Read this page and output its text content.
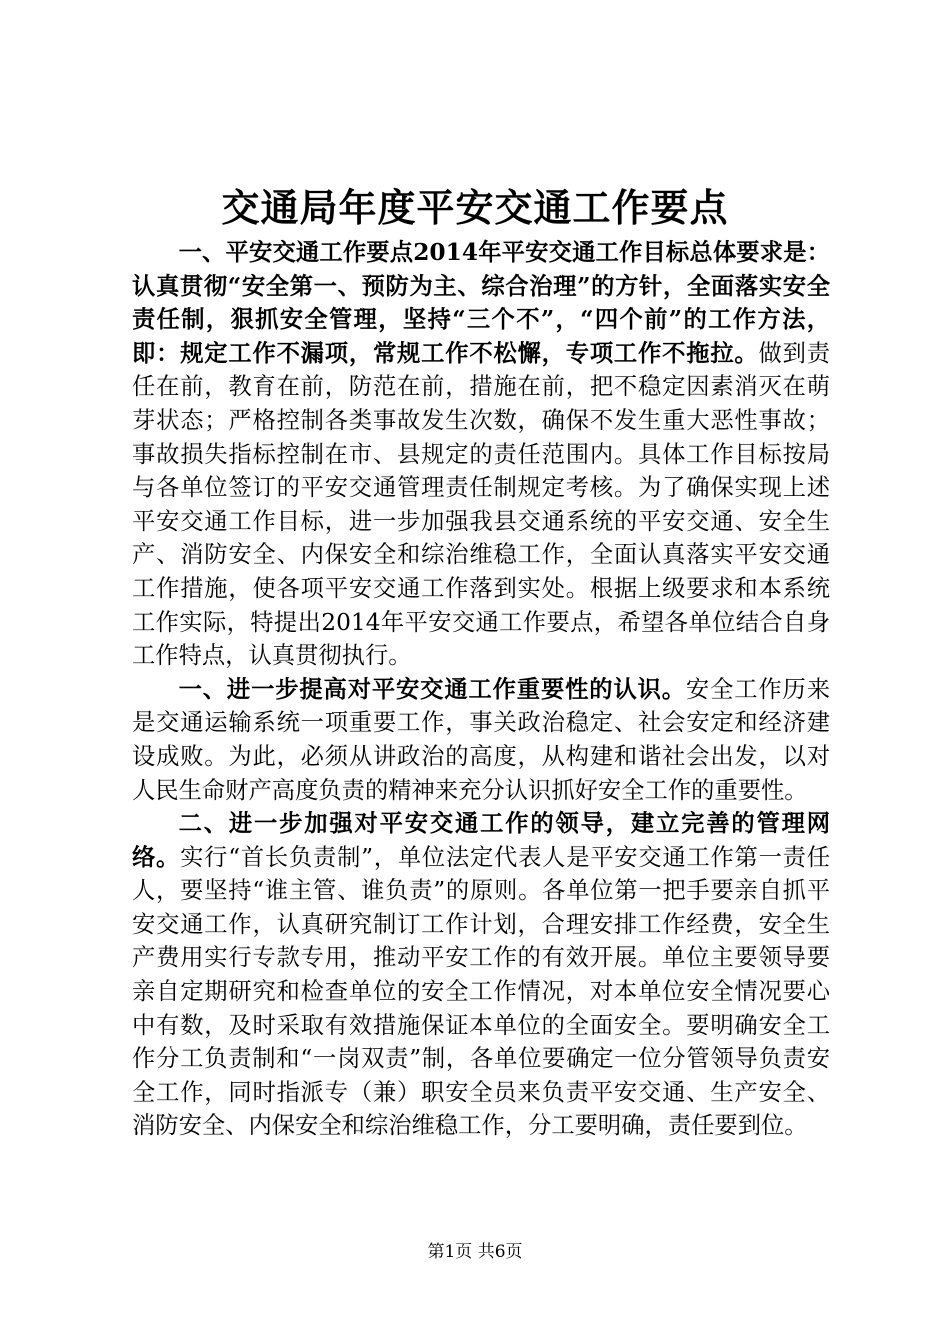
交通局年度平安交通工作要点

一、平安交通工作要点2014年平安交通工作目标总体要求是：认真贯彻“安全第一、预防为主、综合治理”的方针，全面落实安全责任制，狠抓安全管理，坚持“三个不”，“四个前”的工作方法，即：规定工作不漏项，常规工作不松懈，专项工作不拖拉。做到责任在前，教育在前，防范在前，措施在前，把不稳定因素消灭在萌芽状态；严格控制各类事故发生次数，确保不发生重大恶性事故；事故损失指标控制在市、县规定的责任范围内。具体工作目标按局与各单位签订的平安交通管理责任制规定考核。为了确保实现上述平安交通工作目标，进一步加强我县交通系统的平安交通、安全生产、消防安全、内保安全和综治维稳工作，全面认真落实平安交通工作措施，使各项平安交通工作落到实处。根据上级要求和本系统工作实际，特提出2014年平安交通工作要点，希望各单位结合自身工作特点，认真贯彻执行。

一、进一步提高对平安交通工作重要性的认识。安全工作历来是交通运输系统一项重要工作，事关政治稳定、社会安定和经济建设成败。为此，必须从讲政治的高度，从构建和谐社会出发，以对人民生命财产高度负责的精神来充分认识抓好安全工作的重要性。

二、进一步加强对平安交通工作的领导，建立完善的管理网络。实行“首长负责制”，单位法定代表人是平安交通工作第一责任人，要坚持“谁主管、谁负责”的原则。各单位第一把手要亲自抓平安交通工作，认真研究制订工作计划，合理安排工作经费，安全生产费用实行专款专用，推动平安工作的有效开展。单位主要领导要亲自定期研究和检查单位的安全工作情况，对本单位安全情况要心中有数，及时采取有效措施保证本单位的全面安全。要明确安全工作分工负责制和“一岗双责”制，各单位要确定一位分管领导负责安全工作，同时指派专（兼）职安全员来负责平安交通、生产安全、消防安全、内保安全和综治维稳工作，分工要明确，责任要到位。

第1页 共6页
